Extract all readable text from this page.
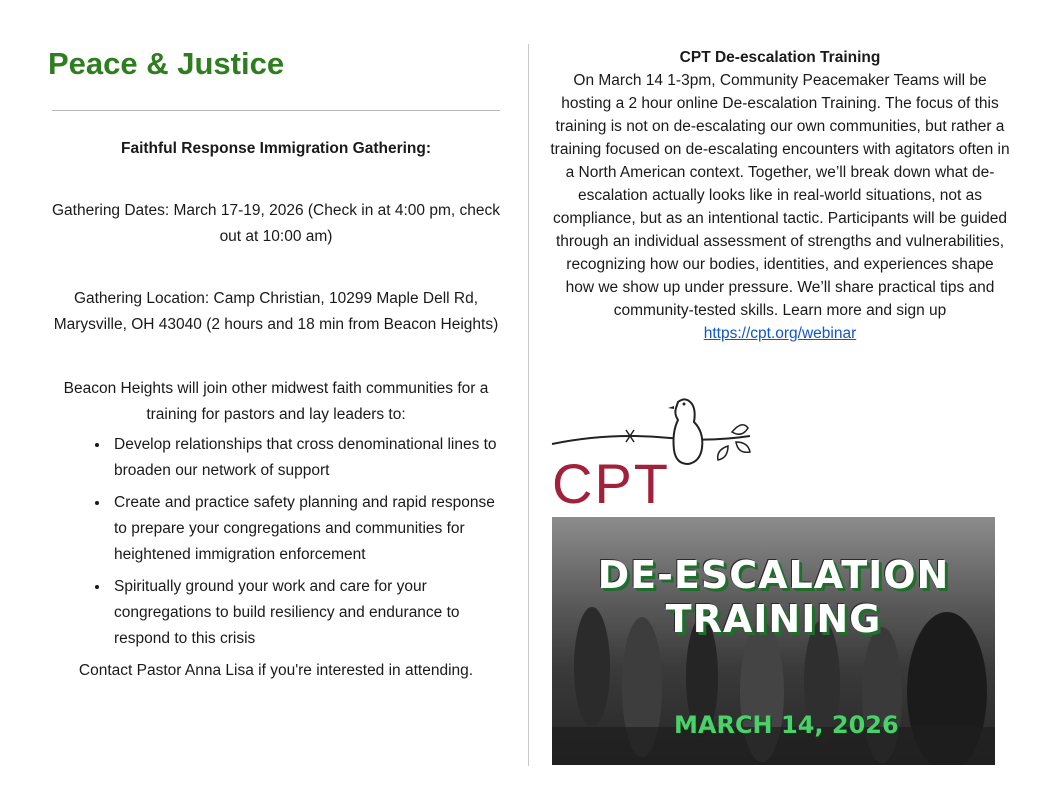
Peace & Justice

Faithful Response Immigration Gathering:

Gathering Dates: March 17-19, 2026 (Check in at 4:00 pm, check out at 10:00 am)

Gathering Location: Camp Christian, 10299 Maple Dell Rd, Marysville, OH 43040 (2 hours and 18 min from Beacon Heights)

Beacon Heights will join other midwest faith communities for a training for pastors and lay leaders to:

• Develop relationships that cross denominational lines to broaden our network of support
• Create and practice safety planning and rapid response to prepare your congregations and communities for heightened immigration enforcement
• Spiritually ground your work and care for your congregations to build resiliency and endurance to respond to this crisis

Contact Pastor Anna Lisa if you're interested in attending.

CPT De-escalation Training

On March 14 1-3pm, Community Peacemaker Teams will be hosting a 2 hour online De-escalation Training. The focus of this training is not on de-escalating our own communities, but rather a training focused on de-escalating encounters with agitators often in a North American context. Together, we’ll break down what de-escalation actually looks like in real-world situations, not as compliance, but as an intentional tactic. Participants will be guided through an individual assessment of strengths and vulnerabilities, recognizing how our bodies, identities, and experiences shape how we show up under pressure. We’ll share practical tips and community-tested skills. Learn more and sign up https://cpt.org/webinar

CPT
DE-ESCALATION
TRAINING
MARCH 14, 2026
